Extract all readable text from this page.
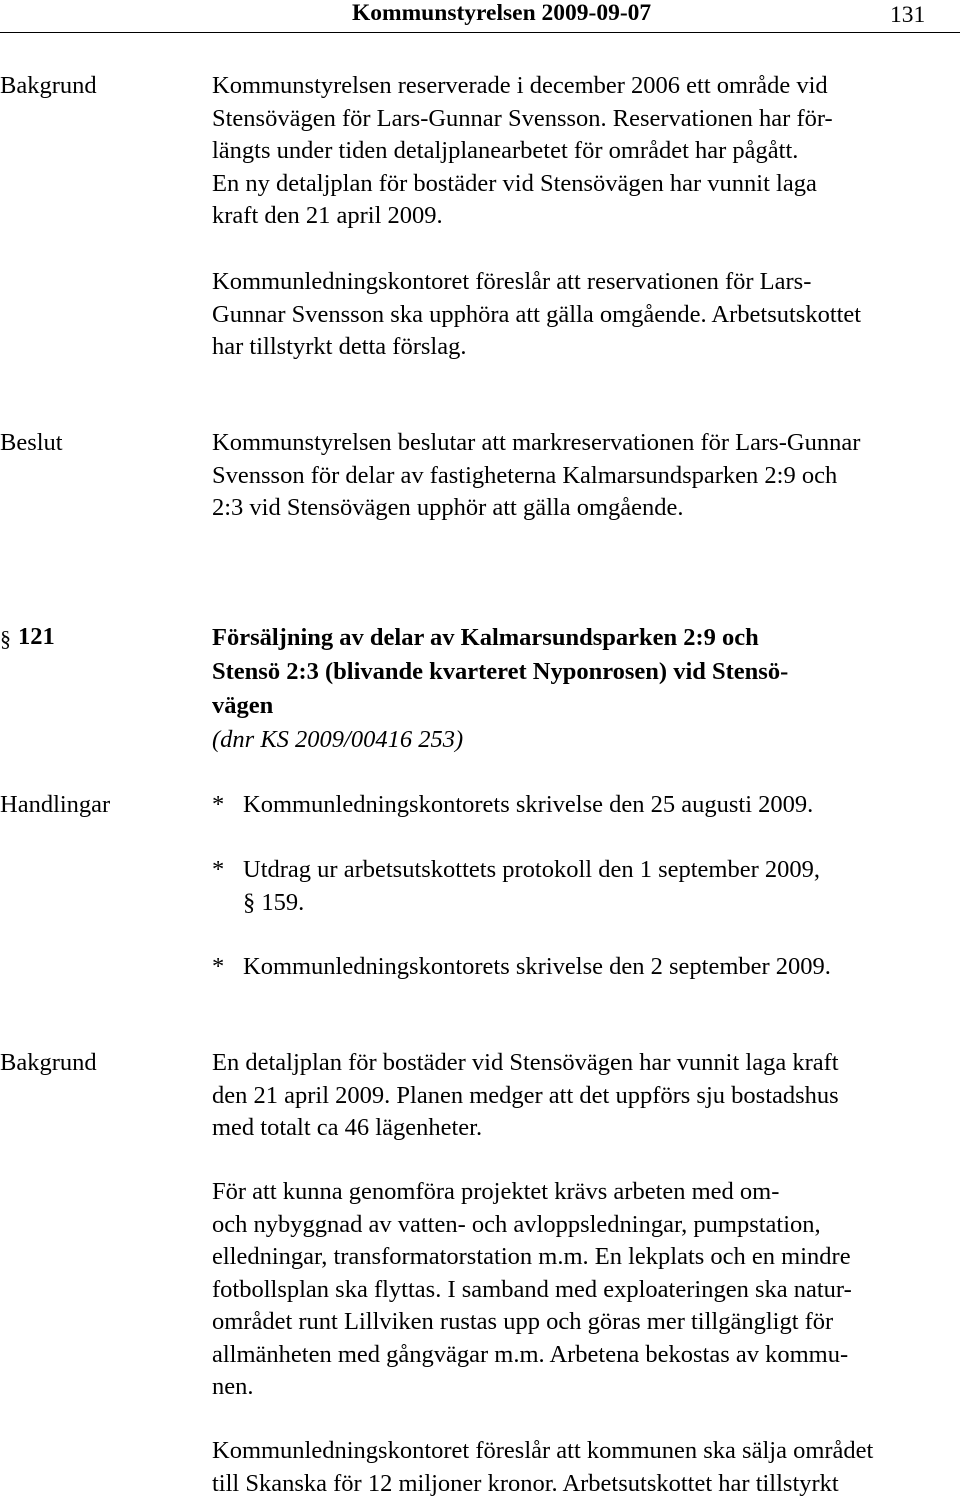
Kommunstyrelsen 2009-09-07	131
Bakgrund	Kommunstyrelsen reserverade i december 2006 ett område vid
Stensövägen för Lars-Gunnar Svensson. Reservationen har för-
längts under tiden detaljplanearbetet för området har pågått.
En ny detaljplan för bostäder vid Stensövägen har vunnit laga
kraft den 21 april 2009.
Kommunledningskontoret föreslår att reservationen för Lars-
Gunnar Svensson ska upphöra att gälla omgående. Arbetsutskottet
har tillstyrkt detta förslag.
Beslut	Kommunstyrelsen beslutar att markreservationen för Lars-Gunnar
Svensson för delar av fastigheterna Kalmarsundsparken 2:9 och
2:3 vid Stensövägen upphör att gälla omgående.
§ 121	Försäljning av delar av Kalmarsundsparken 2:9 och
Stensö 2:3 (blivande kvarteret Nyponrosen) vid Stensö-
vägen
(dnr KS 2009/00416 253)
Handlingar	* Kommunledningskontorets skrivelse den 25 augusti 2009.
* Utdrag ur arbetsutskottets protokoll den 1 september 2009,
§ 159.
* Kommunledningskontorets skrivelse den 2 september 2009.
Bakgrund	En detaljplan för bostäder vid Stensövägen har vunnit laga kraft
den 21 april 2009. Planen medger att det uppförs sju bostadshus
med totalt ca 46 lägenheter.
För att kunna genomföra projektet krävs arbeten med om-
och nybyggnad av vatten- och avloppsledningar, pumpstation,
elledningar, transformatorstation m.m. En lekplats och en mindre
fotbollsplan ska flyttas. I samband med exploateringen ska natur-
området runt Lillviken rustas upp och göras mer tillgängligt för
allmänheten med gångvägar m.m. Arbetena bekostas av kommu-
nen.
Kommunledningskontoret föreslår att kommunen ska sälja området
till Skanska för 12 miljoner kronor. Arbetsutskottet har tillstyrkt
